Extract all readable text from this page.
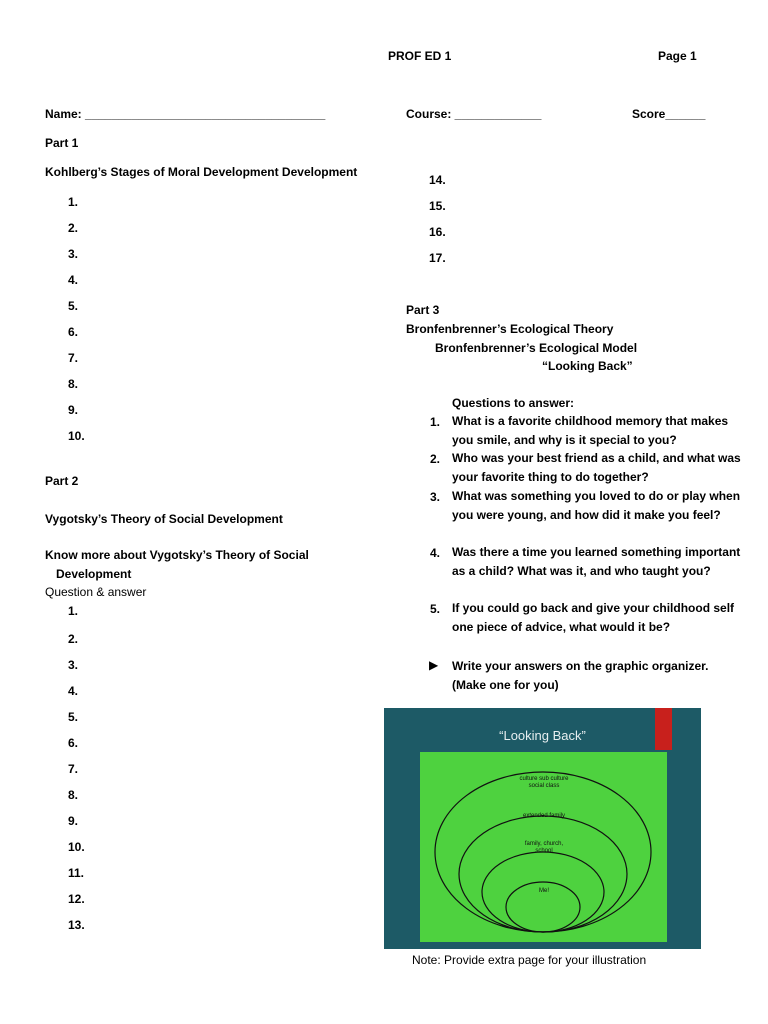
PROF ED 1	Page 1
Name: ____________________________________	Course: _____________	Score______
Part 1
Kohlberg’s Stages of Moral Development Development
1.
2.
3.
4.
5.
6.
7.
8.
9.
10.
Part 2
Vygotsky’s Theory of Social Development
Know more about Vygotsky’s Theory of Social
Development
Question & answer
1.
2.
3.
4.
5.
6.
7.
8.
9.
10.
11.
12.
13.
14.
15.
16.
17.
Part 3
Bronfenbrenner’s Ecological Theory
Bronfenbrenner’s Ecological Model
“Looking Back”
Questions to answer:
1. What is a favorite childhood memory that makes you smile, and why is it special to you?
2. Who was your best friend as a child, and what was your favorite thing to do together?
3. What was something you loved to do or play when you were young, and how did it make you feel?
4. Was there a time you learned something important as a child? What was it, and who taught you?
5. If you could go back and give your childhood self one piece of advice, what would it be?
▶ Write your answers on the graphic organizer.
(Make one for you)
“Looking Back”
culture sub culture
social class
extended family
family, church,
school
Me!
Note: Provide extra page for your illustration
